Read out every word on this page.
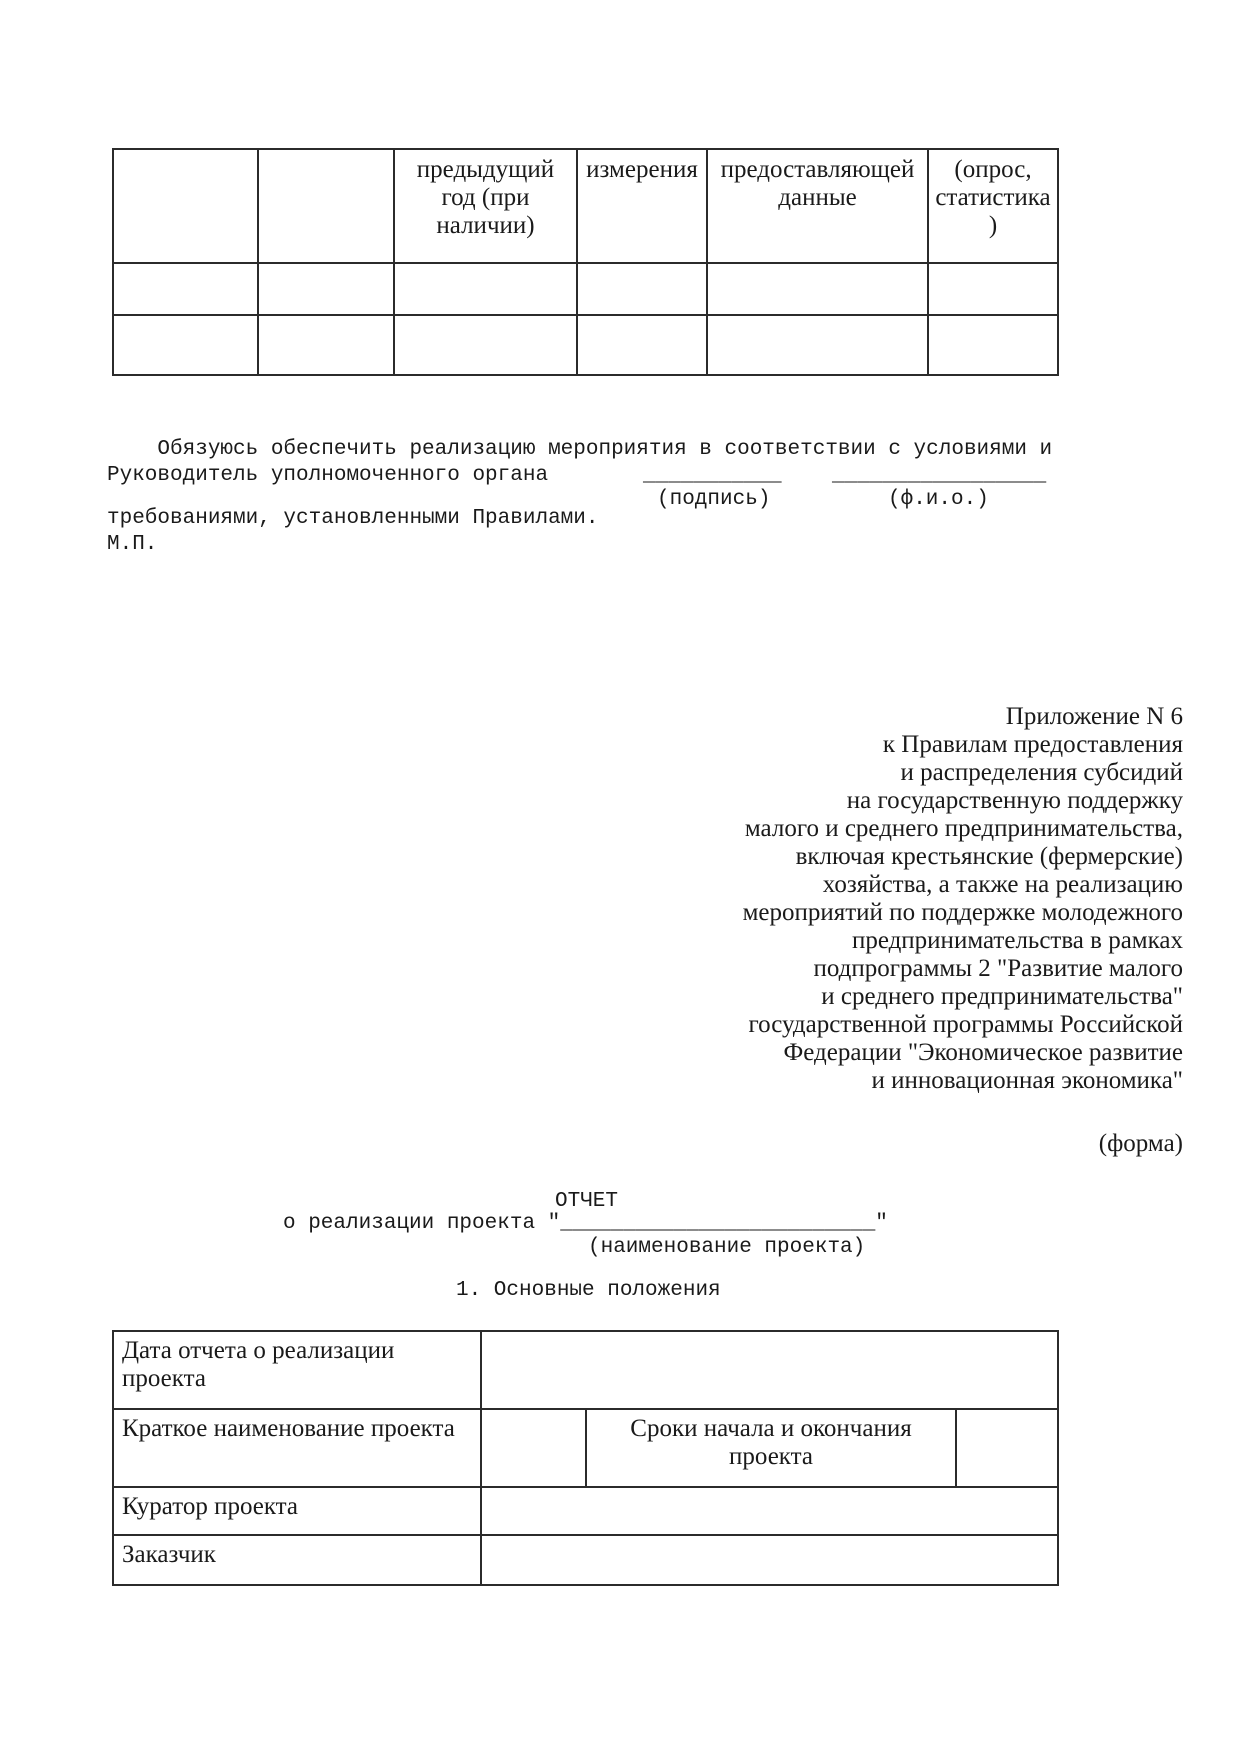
		предыдущий год (при наличии)	измерения	предоставляющей данные	(опрос, статистика )

Обязуюсь обеспечить реализацию мероприятия в соответствии с условиями и

требованиями, установленными Правилами.

Руководитель уполномоченного органа	___________ _________________
(подпись)	(ф.и.о.)
М.П.
Приложение N 6
к Правилам предоставления
и распределения субсидий
на государственную поддержку
малого и среднего предпринимательства,
включая крестьянские (фермерские)
хозяйства, а также на реализацию
мероприятий по поддержке молодежного
предпринимательства в рамках
подпрограммы 2 "Развитие малого
и среднего предпринимательства"
государственной программы Российской
Федерации "Экономическое развитие
и инновационная экономика"
(форма)
ОТЧЕТ
о реализации проекта "_________________________"
(наименование проекта)
1. Основные положения
Дата отчета о реализации проекта			
Краткое наименование проекта		Сроки начала и окончания проекта	
Куратор проекта			
Заказчик			
